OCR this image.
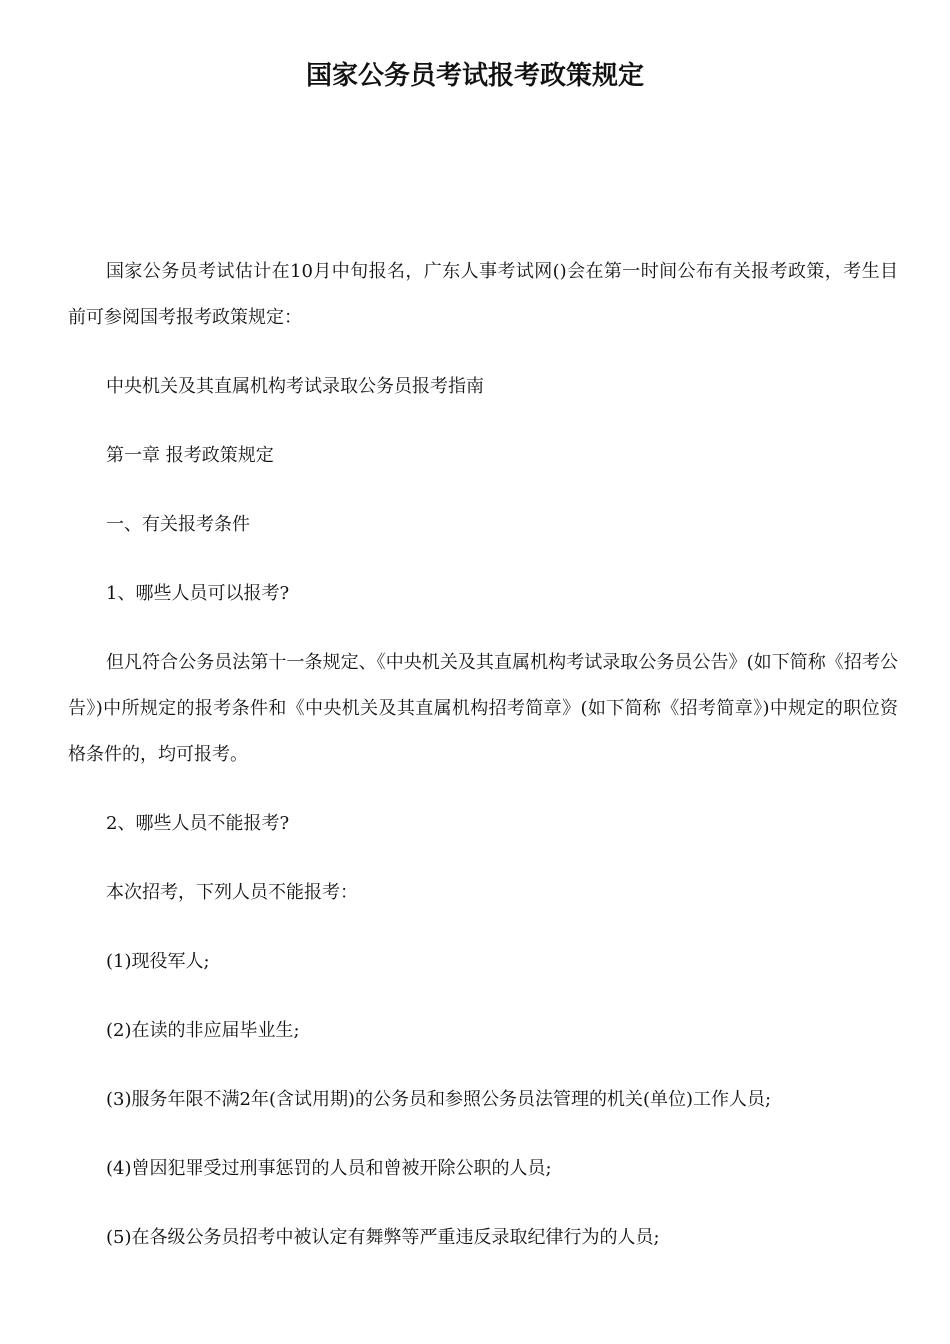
国家公务员考试报考政策规定

国家公务员考试估计在10月中旬报名，广东人事考试网()会在第一时间公布有关报考政策，考生目前可参阅国考报考政策规定：

中央机关及其直属机构考试录取公务员报考指南

第一章 报考政策规定

一、有关报考条件

1、哪些人员可以报考?

但凡符合公务员法第十一条规定、《中央机关及其直属机构考试录取公务员公告》(如下简称《招考公告》)中所规定的报考条件和《中央机关及其直属机构招考简章》(如下简称《招考简章》)中规定的职位资格条件的，均可报考。

2、哪些人员不能报考?

本次招考，下列人员不能报考：

(1)现役军人;

(2)在读的非应届毕业生;

(3)服务年限不满2年(含试用期)的公务员和参照公务员法管理的机关(单位)工作人员;

(4)曾因犯罪受过刑事惩罚的人员和曾被开除公职的人员;

(5)在各级公务员招考中被认定有舞弊等严重违反录取纪律行为的人员;
